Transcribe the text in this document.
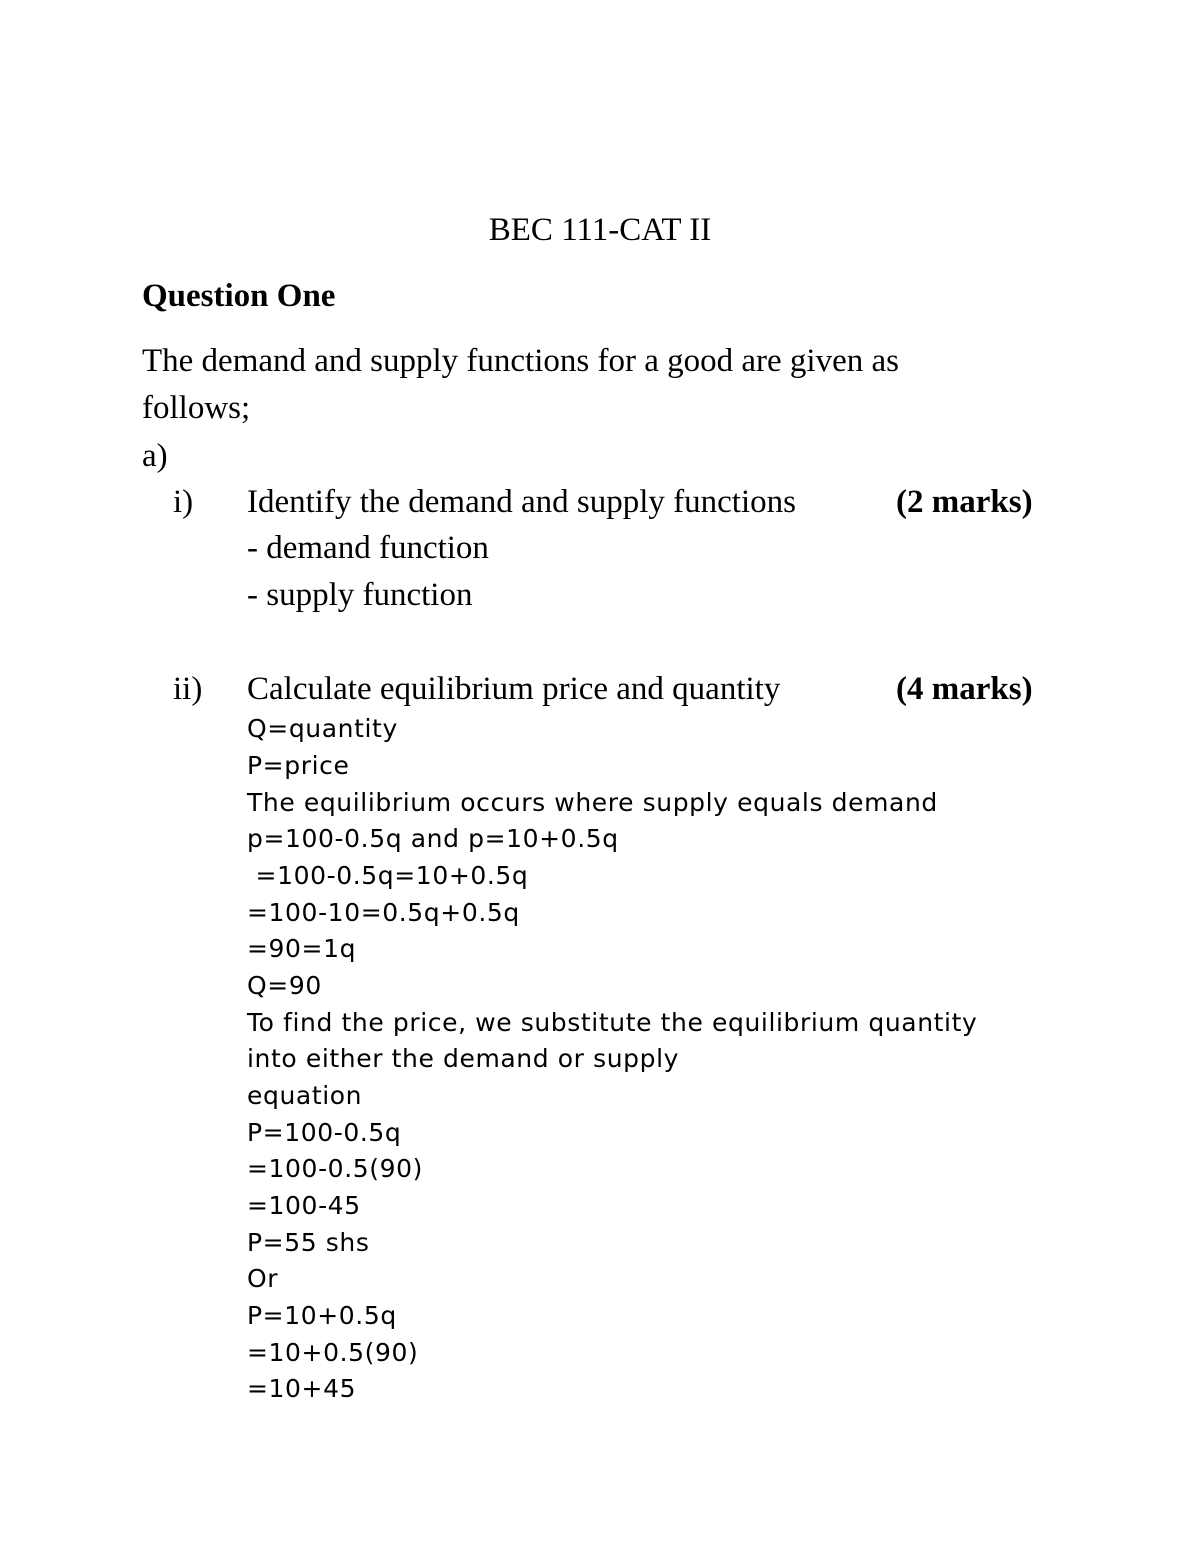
BEC 111-CAT II
Question One
The demand and supply functions for a good are given as
follows;
a)
i) Identify the demand and supply functions	(2 marks)
- demand function
- supply function
ii) Calculate equilibrium price and quantity	(4 marks)
Q=quantity
P=price
The equilibrium occurs where supply equals demand
p=100-0.5q and p=10+0.5q
=100-0.5q=10+0.5q
=100-10=0.5q+0.5q
=90=1q
Q=90
To find the price, we substitute the equilibrium quantity
into either the demand or supply
equation
P=100-0.5q
=100-0.5(90)
=100-45
P=55 shs
Or
P=10+0.5q
=10+0.5(90)
=10+45
